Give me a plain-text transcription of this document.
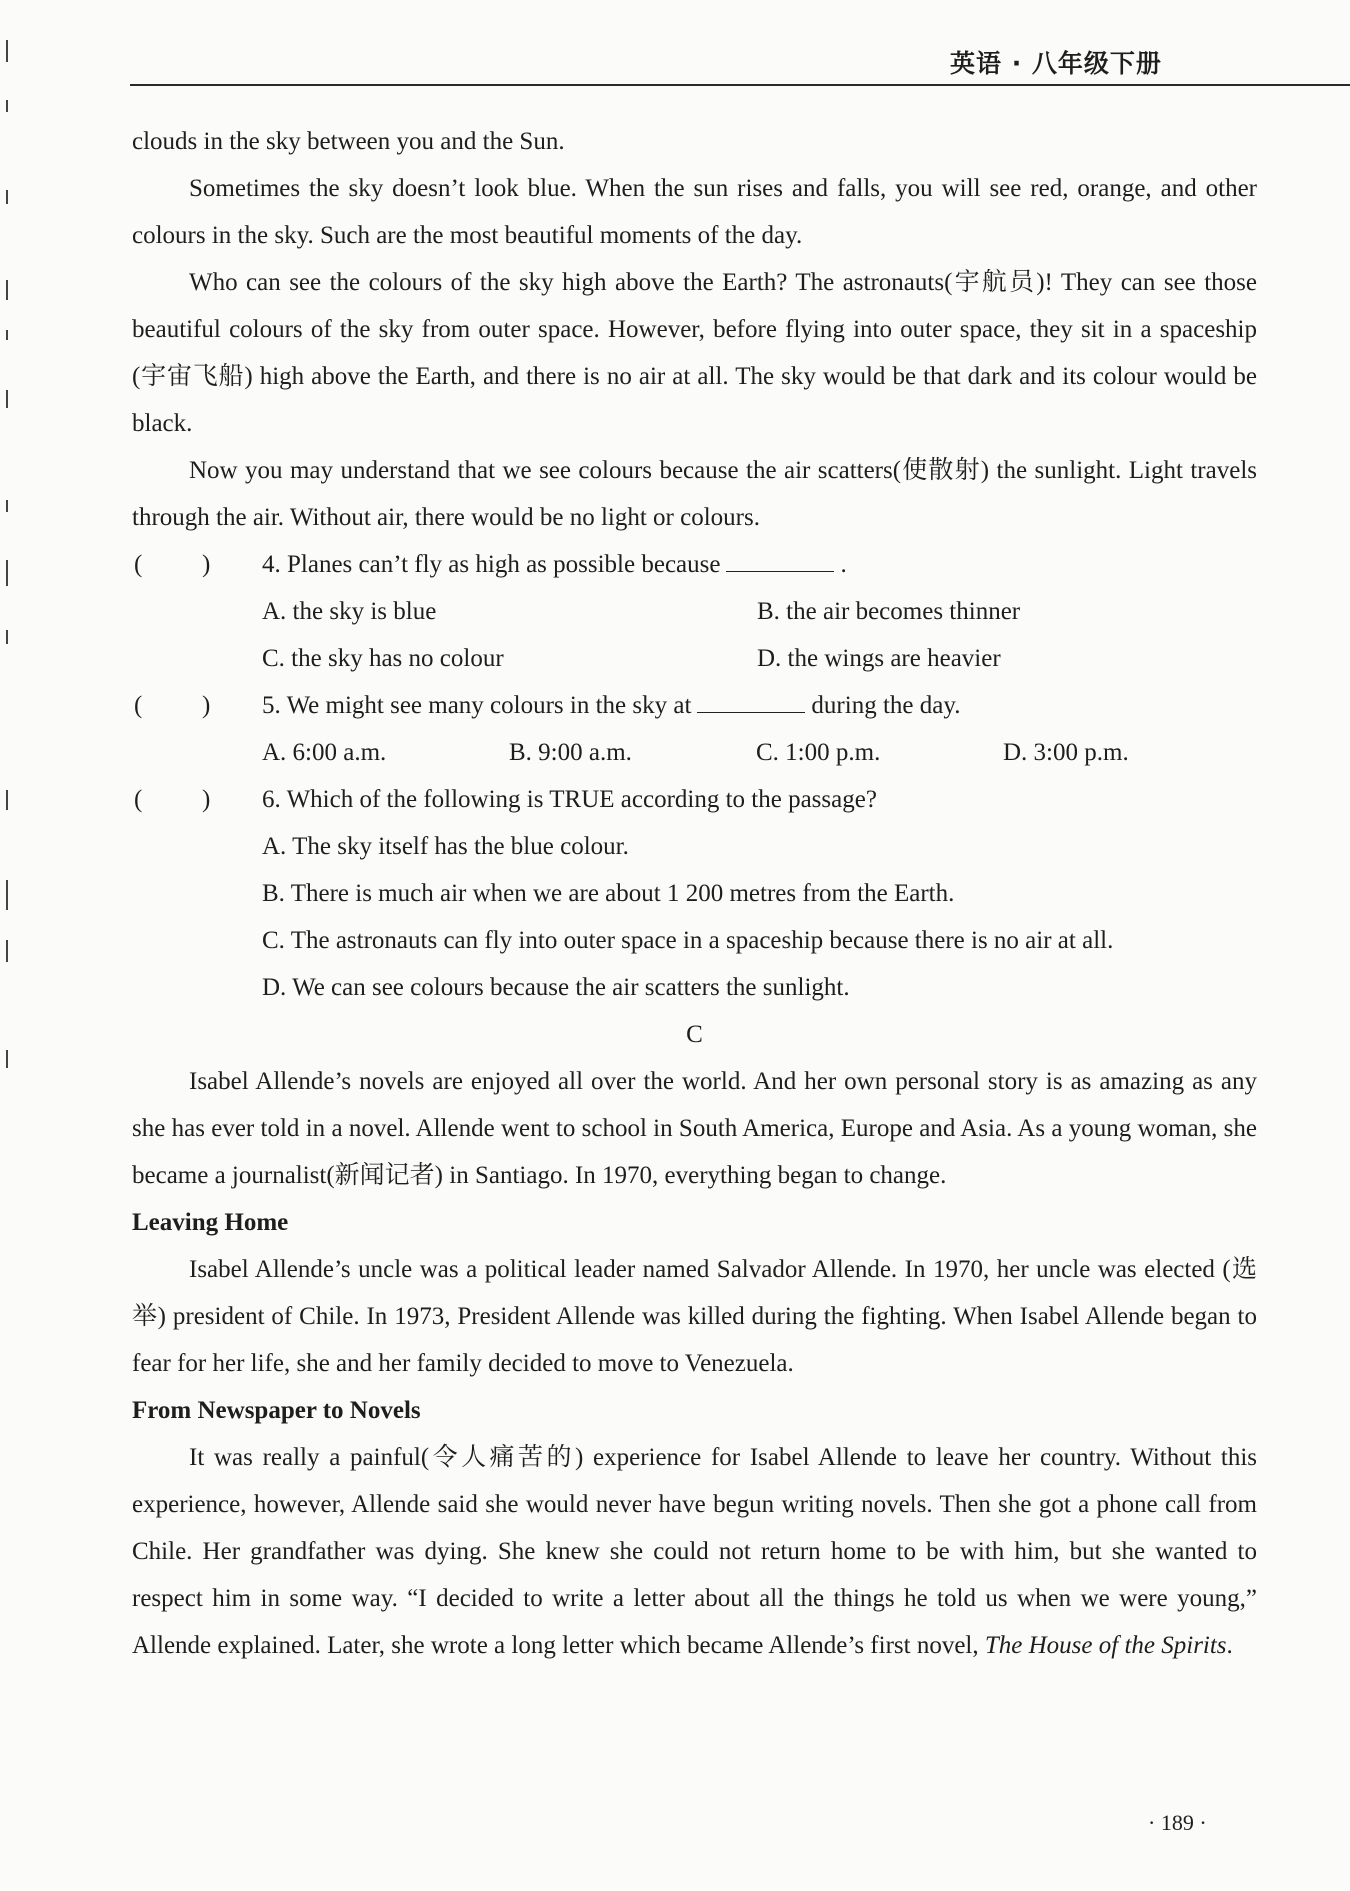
英语 · 八年级下册

clouds in the sky between you and the Sun.

Sometimes the sky doesn’t look blue. When the sun rises and falls, you will see red, orange, and other colours in the sky. Such are the most beautiful moments of the day.

Who can see the colours of the sky high above the Earth? The astronauts(宇航员)! They can see those beautiful colours of the sky from outer space. However, before flying into outer space, they sit in a spaceship (宇宙飞船) high above the Earth, and there is no air at all. The sky would be that dark and its colour would be black.

Now you may understand that we see colours because the air scatters(使散射) the sunlight. Light travels through the air. Without air, there would be no light or colours.

( ) 4. Planes can’t fly as high as possible because	.
A. the sky is blue	B. the air becomes thinner
C. the sky has no colour	D. the wings are heavier
( ) 5. We might see many colours in the sky at	during the day.
A. 6:00 a.m.	B. 9:00 a.m.	C. 1:00 p.m.	D. 3:00 p.m.
( ) 6. Which of the following is TRUE according to the passage?
A. The sky itself has the blue colour.
B. There is much air when we are about 1 200 metres from the Earth.
C. The astronauts can fly into outer space in a spaceship because there is no air at all.
D. We can see colours because the air scatters the sunlight.

C

Isabel Allende’s novels are enjoyed all over the world. And her own personal story is as amazing as any she has ever told in a novel. Allende went to school in South America, Europe and Asia. As a young woman, she became a journalist(新闻记者) in Santiago. In 1970, everything began to change.

Leaving Home

Isabel Allende’s uncle was a political leader named Salvador Allende. In 1970, her uncle was elected (选举) president of Chile. In 1973, President Allende was killed during the fighting. When Isabel Allende began to fear for her life, she and her family decided to move to Venezuela.

From Newspaper to Novels

It was really a painful(令人痛苦的) experience for Isabel Allende to leave her country. Without this experience, however, Allende said she would never have begun writing novels. Then she got a phone call from Chile. Her grandfather was dying. She knew she could not return home to be with him, but she wanted to respect him in some way. “I decided to write a letter about all the things he told us when we were young,” Allende explained. Later, she wrote a long letter which became Allende’s first novel, The House of the Spirits.

· 189 ·
